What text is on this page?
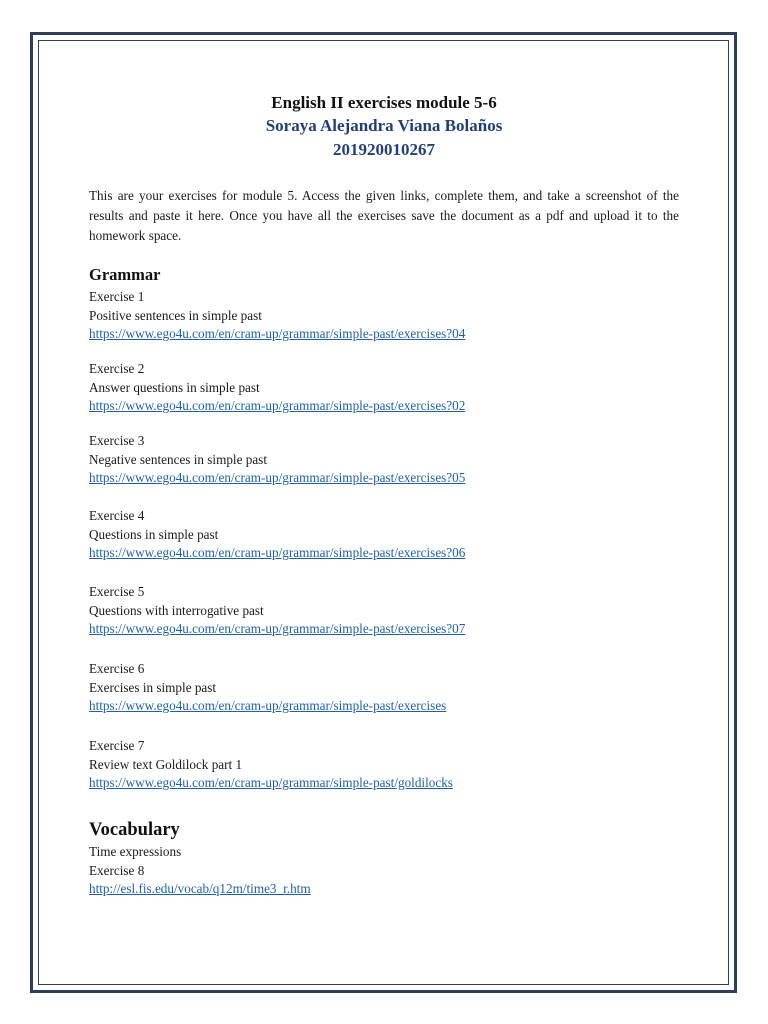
English II exercises module 5-6
Soraya Alejandra Viana Bolaños
201920010267

This are your exercises for module 5. Access the given links, complete them, and take a screenshot of the results and paste it here. Once you have all the exercises save the document as a pdf and upload it to the homework space.

Grammar
Exercise 1
Positive sentences in simple past
https://www.ego4u.com/en/cram-up/grammar/simple-past/exercises?04
Exercise 2
Answer questions in simple past
https://www.ego4u.com/en/cram-up/grammar/simple-past/exercises?02
Exercise 3
Negative sentences in simple past
https://www.ego4u.com/en/cram-up/grammar/simple-past/exercises?05
Exercise 4
Questions in simple past
https://www.ego4u.com/en/cram-up/grammar/simple-past/exercises?06
Exercise 5
Questions with interrogative past
https://www.ego4u.com/en/cram-up/grammar/simple-past/exercises?07
Exercise 6
Exercises in simple past
https://www.ego4u.com/en/cram-up/grammar/simple-past/exercises
Exercise 7
Review text Goldilock part 1
https://www.ego4u.com/en/cram-up/grammar/simple-past/goldilocks
Vocabulary
Time expressions
Exercise 8
http://esl.fis.edu/vocab/q12m/time3_r.htm
